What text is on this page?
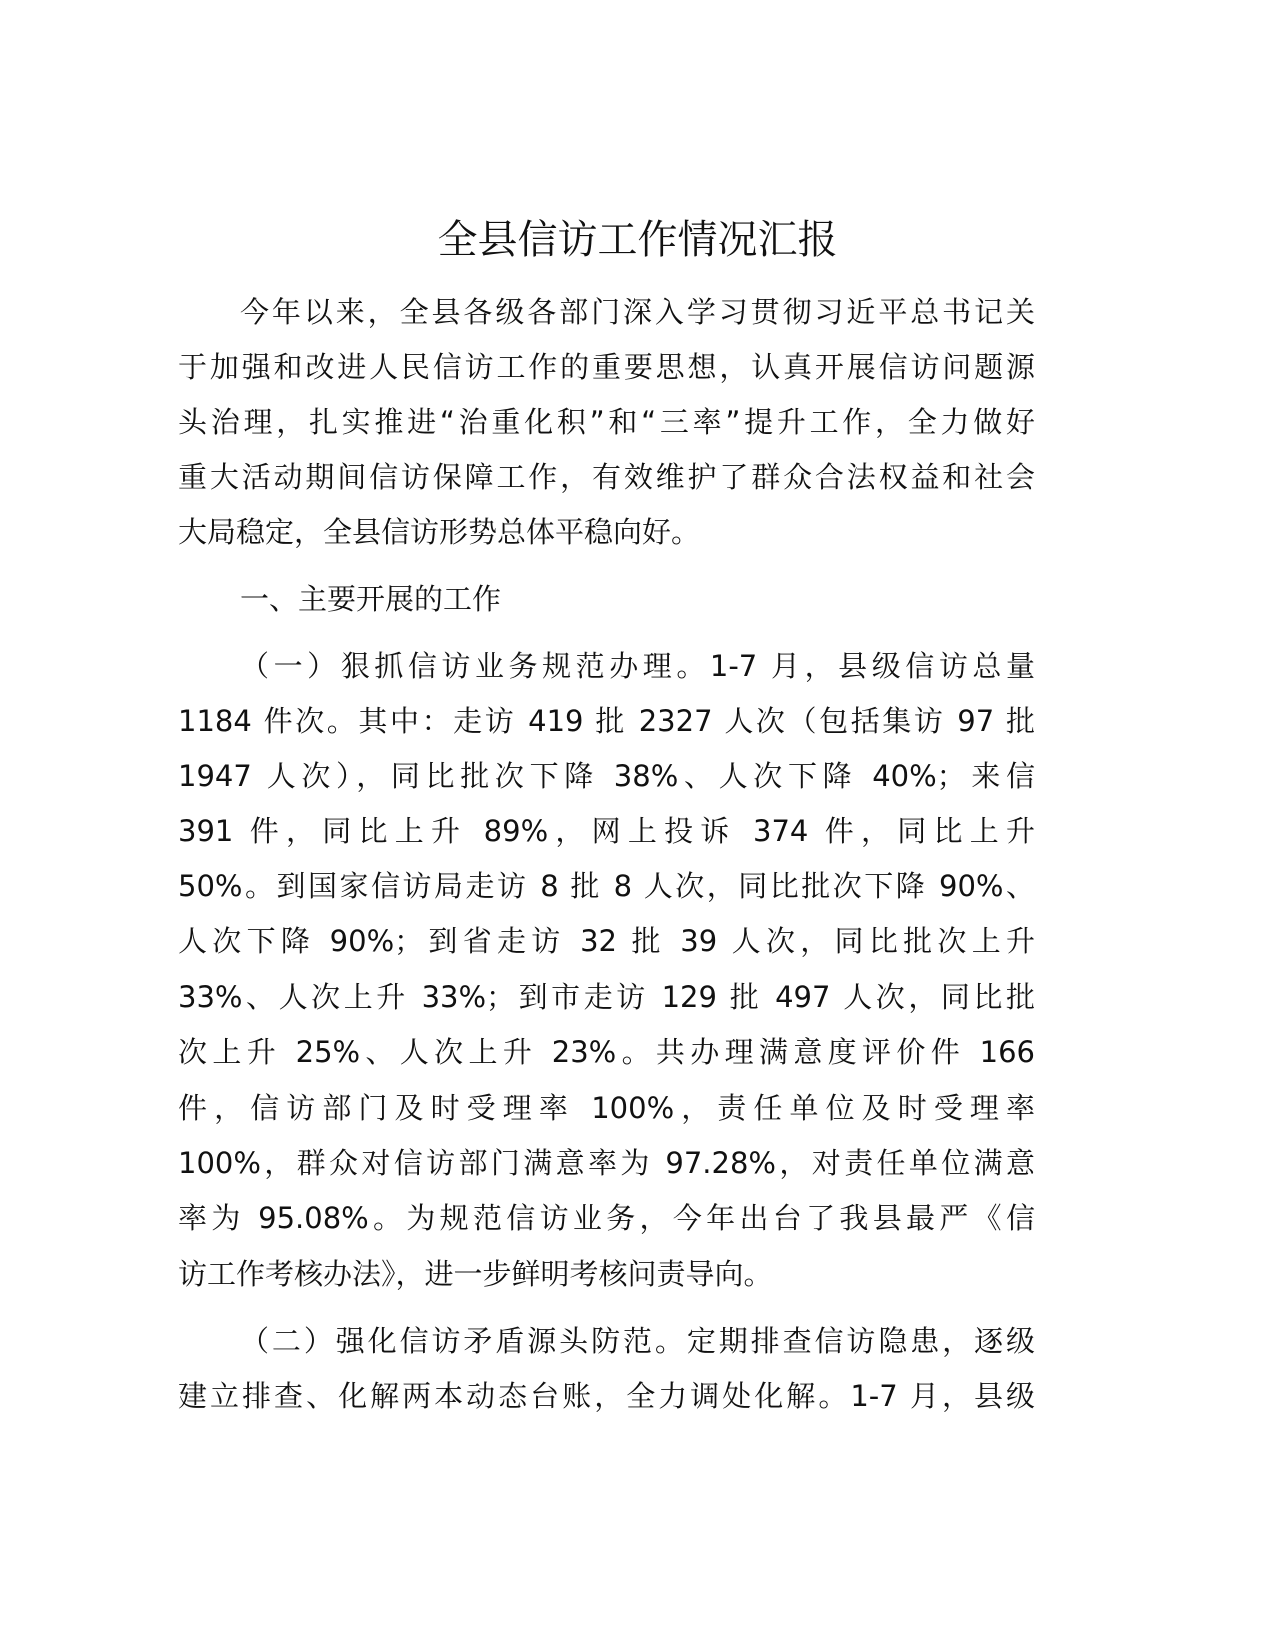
全县信访工作情况汇报
今年以来，全县各级各部门深入学习贯彻习近平总书记关
于加强和改进人民信访工作的重要思想，认真开展信访问题源
头治理，扎实推进“治重化积”和“三率”提升工作，全力做好
重大活动期间信访保障工作，有效维护了群众合法权益和社会
大局稳定，全县信访形势总体平稳向好。
一、主要开展的工作
（一）狠抓信访业务规范办理。1-7 月，县级信访总量
1184 件次。其中：走访 419 批 2327 人次（包括集访 97 批
1947 人次），同比批次下降 38%、人次下降 40%；来信
391 件，同比上升 89%，网上投诉 374 件，同比上升
50%。到国家信访局走访 8 批 8 人次，同比批次下降 90%、
人次下降 90%；到省走访 32 批 39 人次，同比批次上升
33%、人次上升 33%；到市走访 129 批 497 人次，同比批
次上升 25%、人次上升 23%。共办理满意度评价件 166
件，信访部门及时受理率 100%，责任单位及时受理率
100%，群众对信访部门满意率为 97.28%，对责任单位满意
率为 95.08%。为规范信访业务，今年出台了我县最严《信
访工作考核办法》，进一步鲜明考核问责导向。
（二）强化信访矛盾源头防范。定期排查信访隐患，逐级
建立排查、化解两本动态台账，全力调处化解。1-7 月，县级
